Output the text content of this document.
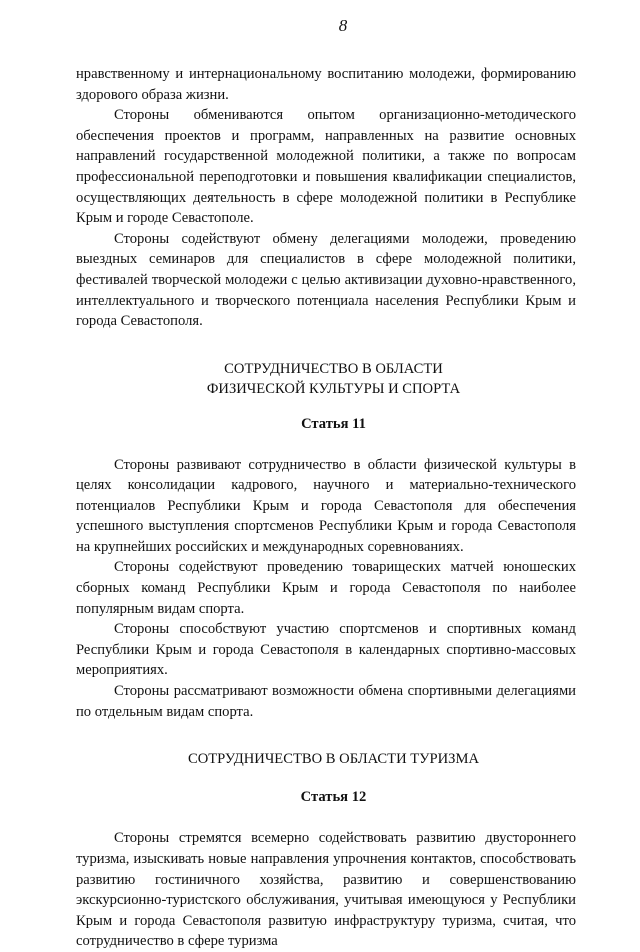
8

нравственному и интернациональному воспитанию молодежи, формированию здорового образа жизни.

Стороны обмениваются опытом организационно-методического обеспечения проектов и программ, направленных на развитие основных направлений государственной молодежной политики, а также по вопросам профессиональной переподготовки и повышения квалификации специалистов, осуществляющих деятельность в сфере молодежной политики в Республике Крым и городе Севастополе.

Стороны содействуют обмену делегациями молодежи, проведению выездных семинаров для специалистов в сфере молодежной политики, фестивалей творческой молодежи с целью активизации духовно-нравственного, интеллектуального и творческого потенциала населения Республики Крым и города Севастополя.

СОТРУДНИЧЕСТВО В ОБЛАСТИ

ФИЗИЧЕСКОЙ КУЛЬТУРЫ И СПОРТА

Статья 11

Стороны развивают сотрудничество в области физической культуры в целях консолидации кадрового, научного и материально-технического потенциалов Республики Крым и города Севастополя для обеспечения успешного выступления спортсменов Республики Крым и города Севастополя на крупнейших российских и международных соревнованиях.

Стороны содействуют проведению товарищеских матчей юношеских сборных команд Республики Крым и города Севастополя по наиболее популярным видам спорта.

Стороны способствуют участию спортсменов и спортивных команд Республики Крым и города Севастополя в календарных спортивно-массовых мероприятиях.

Стороны рассматривают возможности обмена спортивными делегациями по отдельным видам спорта.

СОТРУДНИЧЕСТВО В ОБЛАСТИ ТУРИЗМА

Статья 12

Стороны стремятся всемерно содействовать развитию двустороннего туризма, изыскивать новые направления упрочнения контактов, способствовать развитию гостиничного хозяйства, развитию и совершенствованию экскурсионно-туристского обслуживания, учитывая имеющуюся у Республики Крым и города Севастополя развитую инфраструктуру туризма, считая, что сотрудничество в сфере туризма
